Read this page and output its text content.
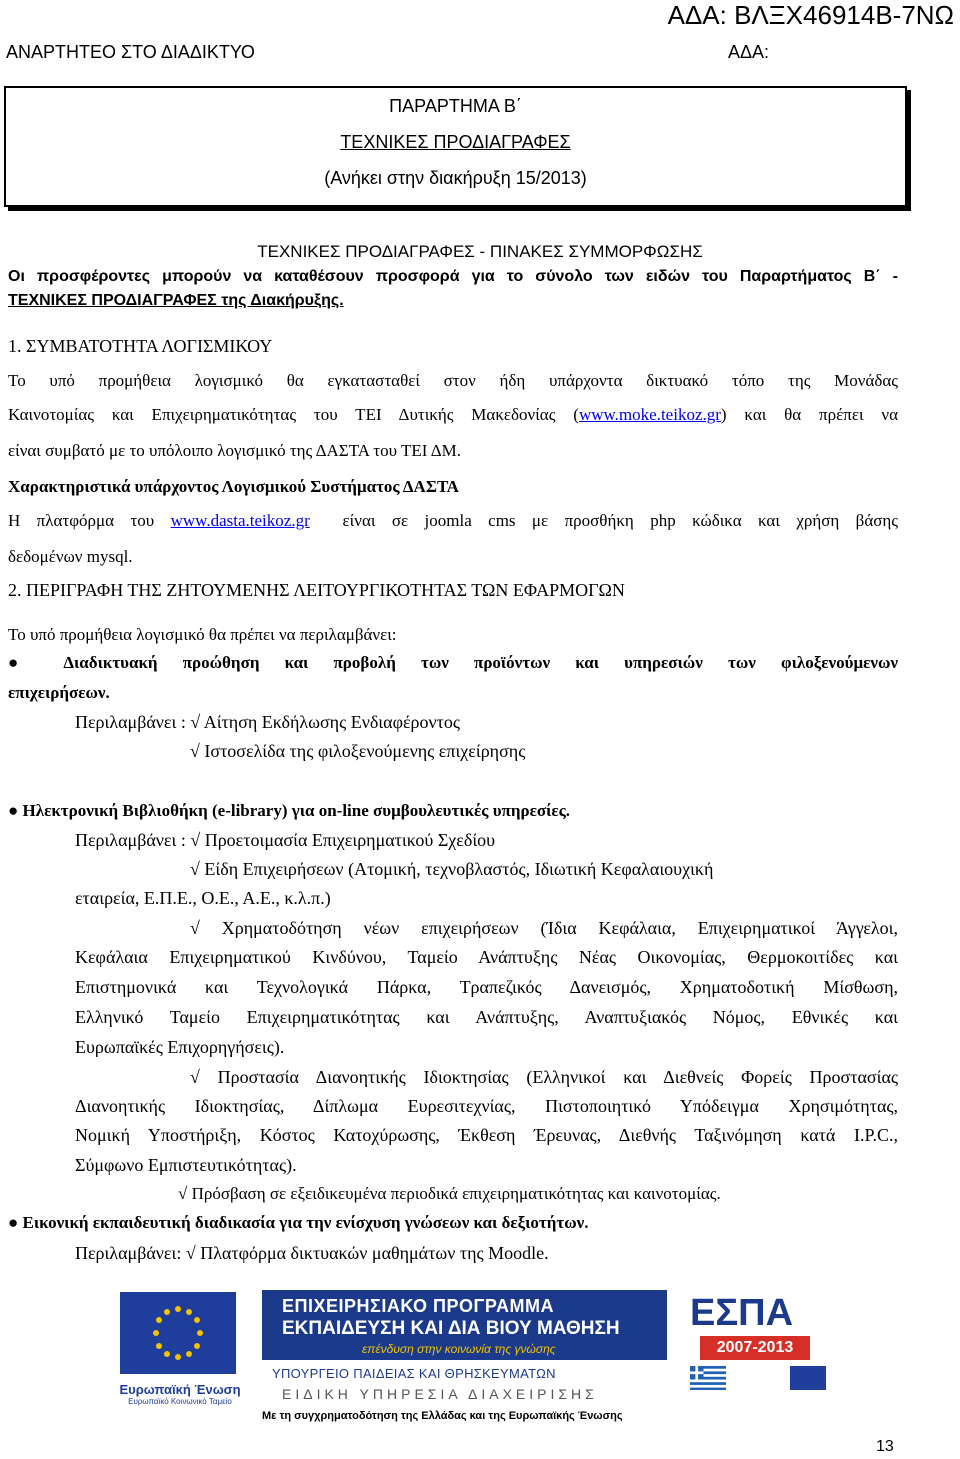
ΑΝΑΡΤΗΤΕΟ ΣΤΟ ΔΙΑΔΙΚΤΥΟ
ΑΔΑ: ΒΛΞΧ46914Β-7ΝΩ
ΑΔΑ:
ΠΑΡΑΡΤΗΜΑ Β΄
ΤΕΧΝΙΚΕΣ ΠΡΟΔΙΑΓΡΑΦΕΣ
(Ανήκει στην διακήρυξη 15/2013)
ΤΕΧΝΙΚΕΣ ΠΡΟΔΙΑΓΡΑΦΕΣ - ΠΙΝΑΚΕΣ ΣΥΜΜΟΡΦΩΣΗΣ
Οι προσφέροντες μπορούν να καταθέσουν προσφορά για το σύνολο των ειδών του Παραρτήματος Β΄ -
ΤΕΧΝΙΚΕΣ ΠΡΟΔΙΑΓΡΑΦΕΣ της Διακήρυξης.
1. ΣΥΜΒΑΤΟΤΗΤΑ ΛΟΓΙΣΜΙΚΟΥ
Το υπό προμήθεια λογισμικό θα εγκατασταθεί στον ήδη υπάρχοντα δικτυακό τόπο της Μονάδας
Καινοτομίας και Επιχειρηματικότητας του ΤΕΙ Δυτικής Μακεδονίας (www.moke.teikoz.gr) και θα πρέπει να
είναι συμβατό με το υπόλοιπο λογισμικό της ΔΑΣΤΑ του ΤΕΙ ΔΜ.
Χαρακτηριστικά υπάρχοντος Λογισμικού Συστήματος ΔΑΣΤΑ
Η πλατφόρμα του www.dasta.teikoz.gr είναι σε joomla cms με προσθήκη php κώδικα και χρήση βάσης
δεδομένων mysql.
2. ΠΕΡΙΓΡΑΦΗ ΤΗΣ ΖΗΤΟΥΜΕΝΗΣ ΛΕΙΤΟΥΡΓΙΚΟΤΗΤΑΣ ΤΩΝ ΕΦΑΡΜΟΓΩΝ
Το υπό προμήθεια λογισμικό θα πρέπει να περιλαμβάνει:
● Διαδικτυακή προώθηση και προβολή των προϊόντων και υπηρεσιών των φιλοξενούμενων
επιχειρήσεων.
Περιλαμβάνει : √ Αίτηση Εκδήλωσης Ενδιαφέροντος
√ Ιστοσελίδα της φιλοξενούμενης επιχείρησης
● Ηλεκτρονική Βιβλιοθήκη (e-library) για on-line συμβουλευτικές υπηρεσίες.
Περιλαμβάνει : √ Προετοιμασία Επιχειρηματικού Σχεδίου
√ Είδη Επιχειρήσεων (Ατομική, τεχνοβλαστός, Ιδιωτική Κεφαλαιουχική
εταιρεία, Ε.Π.Ε., Ο.Ε., Α.Ε., κ.λ.π.)
√ Χρηματοδότηση νέων επιχειρήσεων (Ίδια Κεφάλαια, Επιχειρηματικοί Άγγελοι,
Κεφάλαια Επιχειρηματικού Κινδύνου, Ταμείο Ανάπτυξης Νέας Οικονομίας, Θερμοκοιτίδες και
Επιστημονικά και Τεχνολογικά Πάρκα, Τραπεζικός Δανεισμός, Χρηματοδοτική Μίσθωση,
Ελληνικό Ταμείο Επιχειρηματικότητας και Ανάπτυξης, Αναπτυξιακός Νόμος, Εθνικές και
Ευρωπαϊκές Επιχορηγήσεις).
√ Προστασία Διανοητικής Ιδιοκτησίας (Ελληνικοί και Διεθνείς Φορείς Προστασίας
Διανοητικής Ιδιοκτησίας, Δίπλωμα Ευρεσιτεχνίας, Πιστοποιητικό Υπόδειγμα Χρησιμότητας,
Νομική Υποστήριξη, Κόστος Κατοχύρωσης, Έκθεση Έρευνας, Διεθνής Ταξινόμηση κατά I.P.C.,
Σύμφωνο Εμπιστευτικότητας).
√ Πρόσβαση σε εξειδικευμένα περιοδικά επιχειρηματικότητας και καινοτομίας.
● Εικονική εκπαιδευτική διαδικασία για την ενίσχυση γνώσεων και δεξιοτήτων.
Περιλαμβάνει: √ Πλατφόρμα δικτυακών μαθημάτων της Moodle.
Ευρωπαϊκή Ένωση
Ευρωπαϊκό Κοινωνικό Ταμείο
ΕΠΙΧΕΙΡΗΣΙΑΚΟ ΠΡΟΓΡΑΜΜΑ
ΕΚΠΑΙΔΕΥΣΗ ΚΑΙ ΔΙΑ ΒΙΟΥ ΜΑΘΗΣΗ
επένδυση στην κοινωνία της γνώσης
ΥΠΟΥΡΓΕΙΟ ΠΑΙΔΕΙΑΣ ΚΑΙ ΘΡΗΣΚΕΥΜΑΤΩΝ
ΕΙΔΙΚΗ ΥΠΗΡΕΣΙΑ ΔΙΑΧΕΙΡΙΣΗΣ
Με τη συγχρηματοδότηση της Ελλάδας και της Ευρωπαϊκής Ένωσης
ΕΣΠΑ
2007-2013
13
